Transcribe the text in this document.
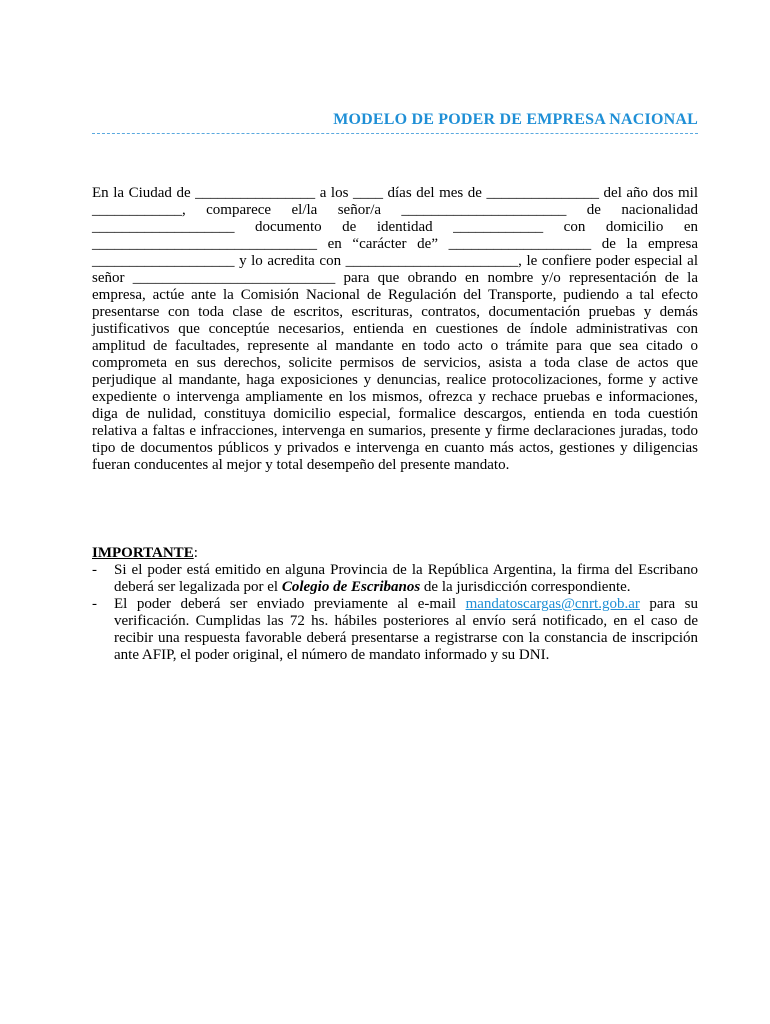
MODELO DE PODER DE EMPRESA NACIONAL

En la Ciudad de ________________ a los ____ días del mes de _______________ del año dos mil ____________, comparece el/la señor/a ______________________ de nacionalidad ___________________ documento de identidad ____________ con domicilio en ______________________________ en “carácter de” ___________________ de la empresa ___________________ y lo acredita con _______________________, le confiere poder especial al señor ___________________________ para que obrando en nombre y/o representación de la empresa, actúe ante la Comisión Nacional de Regulación del Transporte, pudiendo a tal efecto presentarse con toda clase de escritos, escrituras, contratos, documentación pruebas y demás justificativos que conceptúe necesarios, entienda en cuestiones de índole administrativas con amplitud de facultades, represente al mandante en todo acto o trámite para que sea citado o comprometa en sus derechos, solicite permisos de servicios, asista a toda clase de actos que perjudique al mandante, haga exposiciones y denuncias, realice protocolizaciones, forme y active expediente o intervenga ampliamente en los mismos, ofrezca y rechace pruebas e informaciones, diga de nulidad, constituya domicilio especial, formalice descargos, entienda en toda cuestión relativa a faltas e infracciones, intervenga en sumarios, presente y firme declaraciones juradas, todo tipo de documentos públicos y privados e intervenga en cuanto más actos, gestiones y diligencias fueran conducentes al mejor y total desempeño del presente mandato.

IMPORTANTE:

- Si el poder está emitido en alguna Provincia de la República Argentina, la firma del Escribano deberá ser legalizada por el Colegio de Escribanos de la jurisdicción correspondiente.
- El poder deberá ser enviado previamente al e-mail mandatoscargas@cnrt.gob.ar para su verificación. Cumplidas las 72 hs. hábiles posteriores al envío será notificado, en el caso de recibir una respuesta favorable deberá presentarse a registrarse con la constancia de inscripción ante AFIP, el poder original, el número de mandato informado y su DNI.
